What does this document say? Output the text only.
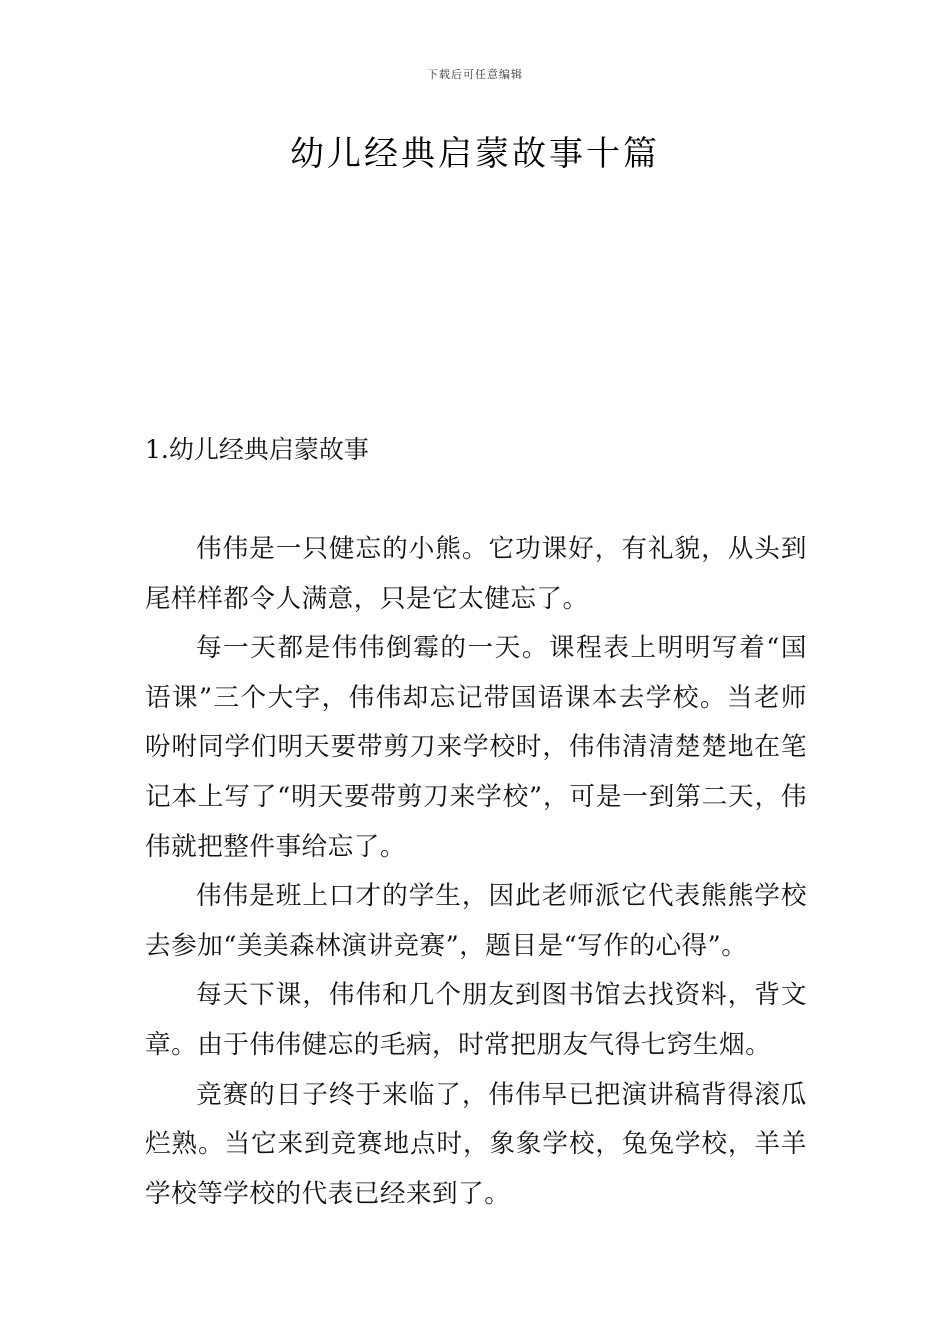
下载后可任意编辑
幼儿经典启蒙故事十篇
1.幼儿经典启蒙故事

伟伟是一只健忘的小熊。它功课好，有礼貌，从头到尾样样都令人满意，只是它太健忘了。

每一天都是伟伟倒霉的一天。课程表上明明写着“国语课”三个大字，伟伟却忘记带国语课本去学校。当老师吩咐同学们明天要带剪刀来学校时，伟伟清清楚楚地在笔记本上写了“明天要带剪刀来学校”，可是一到第二天，伟伟就把整件事给忘了。

伟伟是班上口才的学生，因此老师派它代表熊熊学校去参加“美美森林演讲竞赛”，题目是“写作的心得”。

每天下课，伟伟和几个朋友到图书馆去找资料，背文章。由于伟伟健忘的毛病，时常把朋友气得七窍生烟。

竞赛的日子终于来临了，伟伟早已把演讲稿背得滚瓜烂熟。当它来到竞赛地点时，象象学校，兔兔学校，羊羊学校等学校的代表已经来到了。
